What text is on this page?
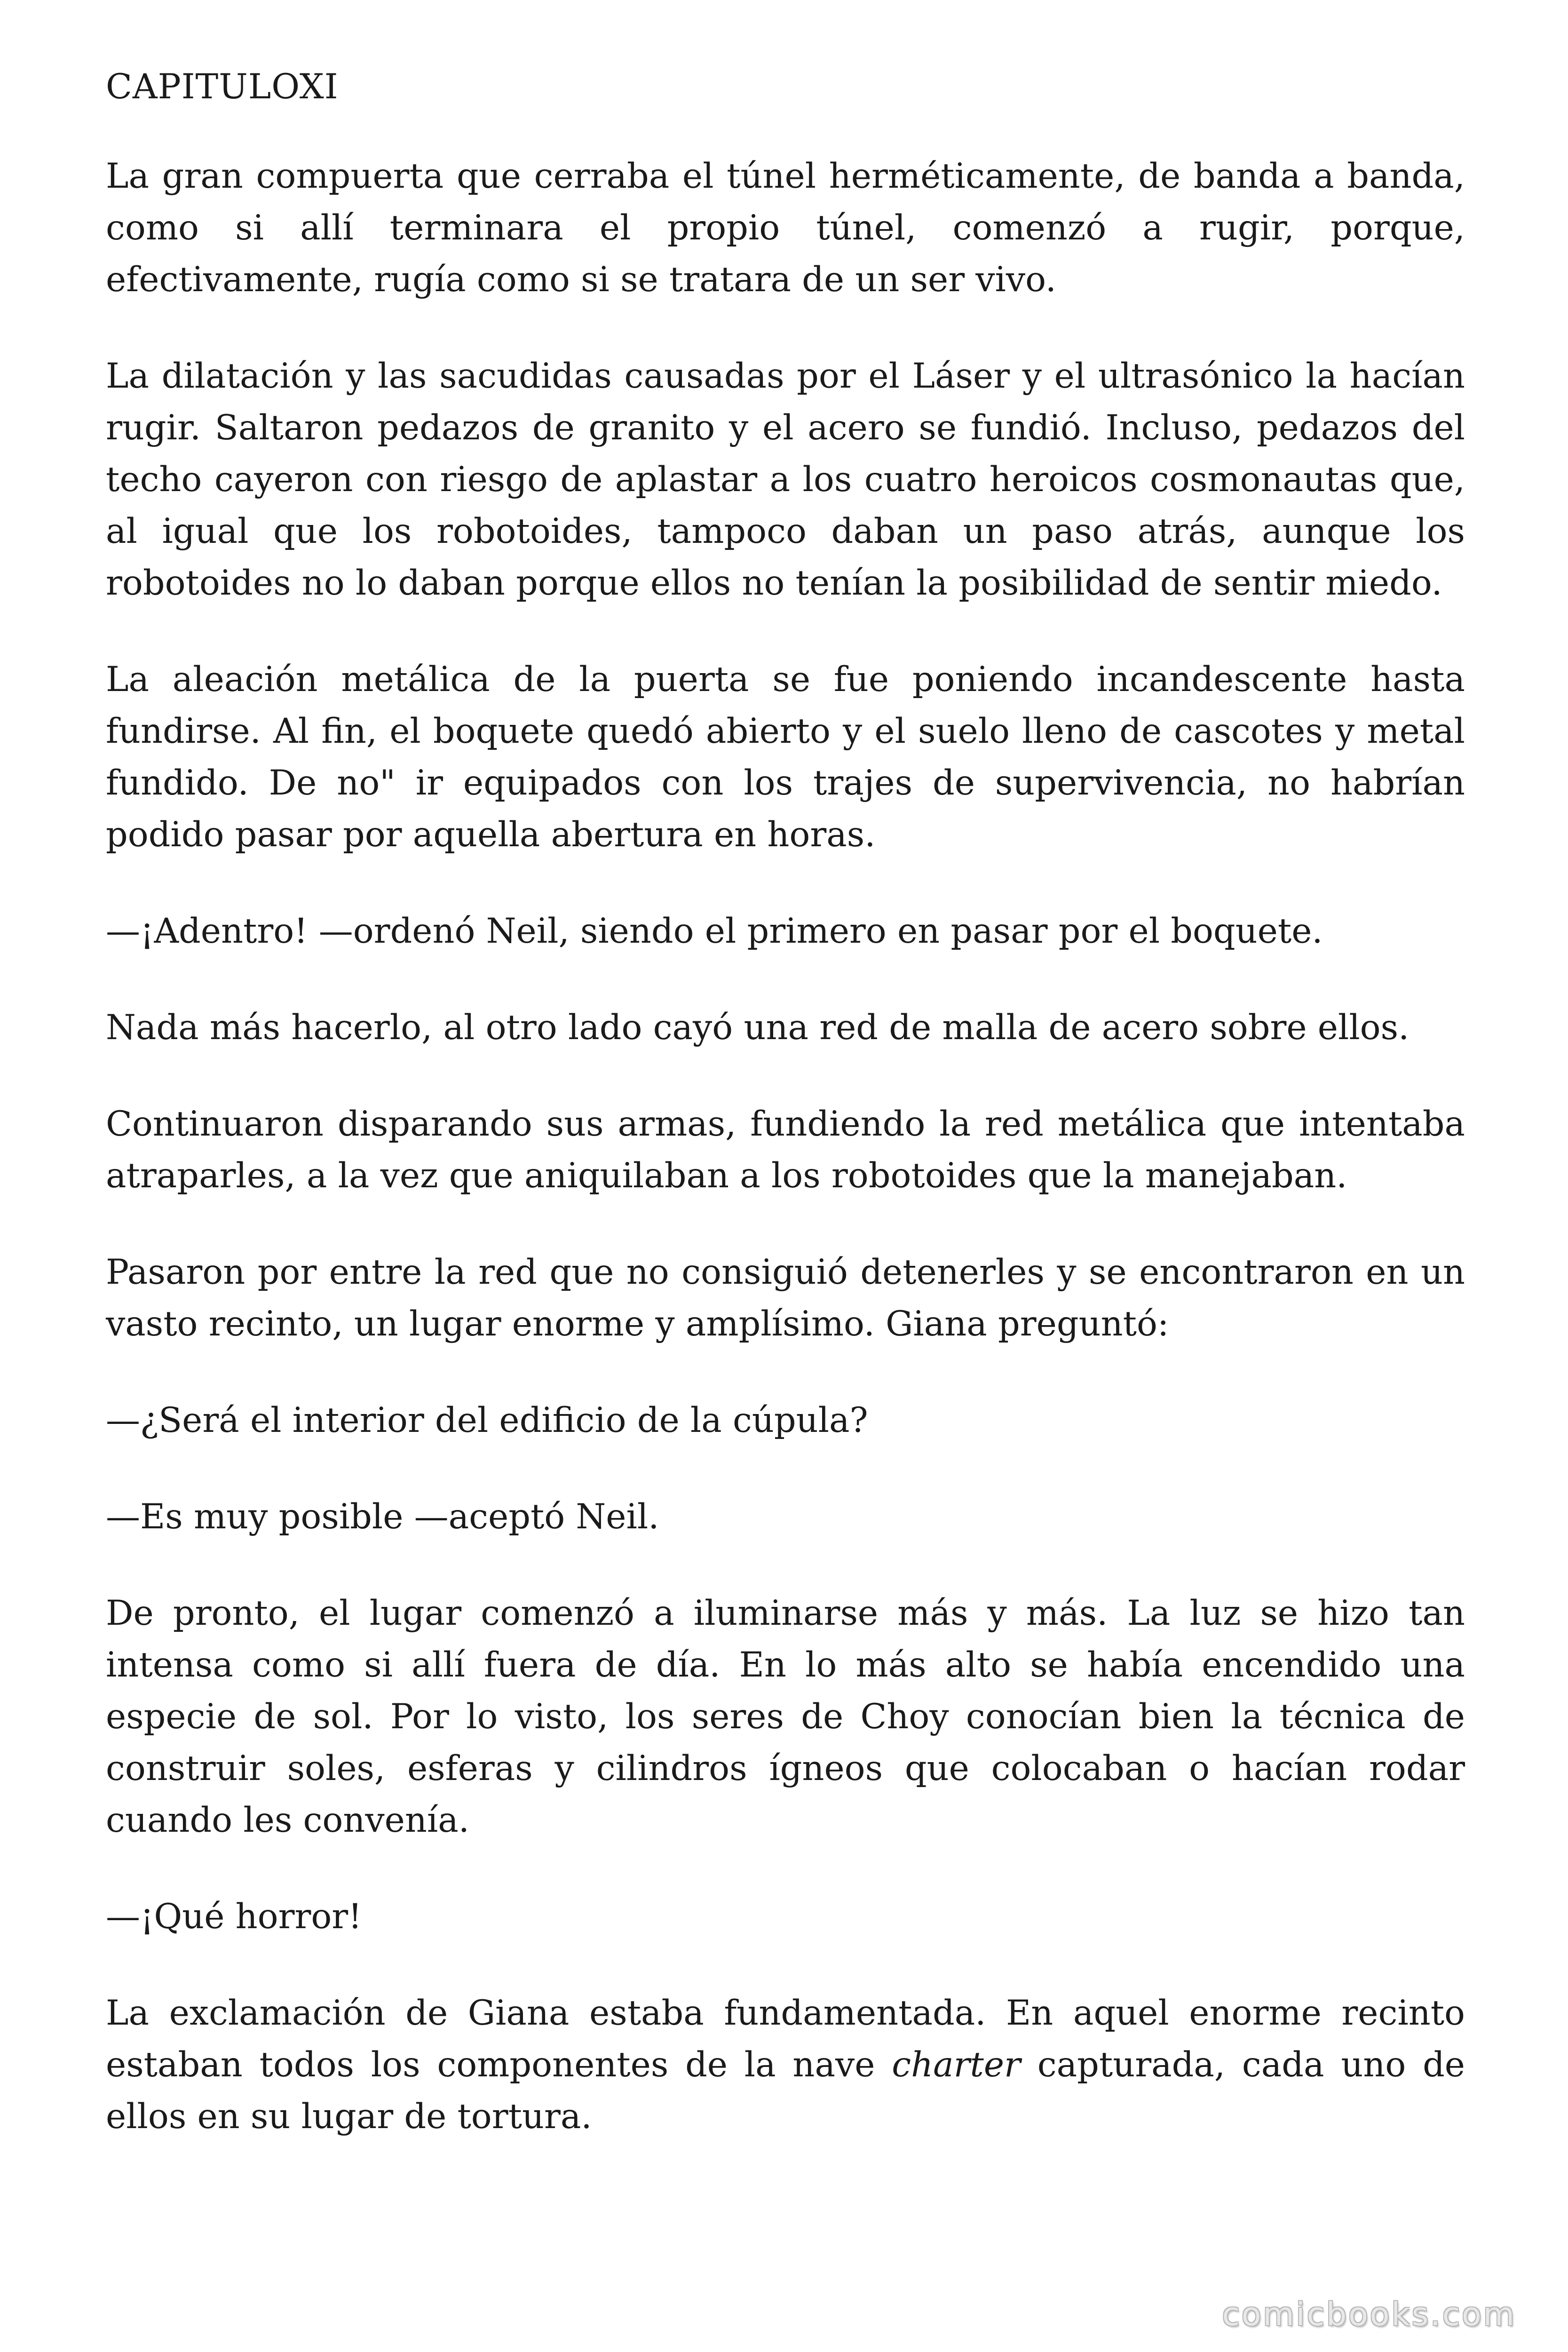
CAPITULOXI

La gran compuerta que cerraba el túnel herméticamente, de banda a banda, como si allí terminara el propio túnel, comenzó a rugir, porque, efectivamente, rugía como si se tratara de un ser vivo.

La dilatación y las sacudidas causadas por el Láser y el ultrasónico la hacían rugir. Saltaron pedazos de granito y el acero se fundió. Incluso, pedazos del techo cayeron con riesgo de aplastar a los cuatro heroicos cosmonautas que, al igual que los robotoides, tampoco daban un paso atrás, aunque los robotoides no lo daban porque ellos no tenían la posibilidad de sentir miedo.

La aleación metálica de la puerta se fue poniendo incandescente hasta fundirse. Al fin, el boquete quedó abierto y el suelo lleno de cascotes y metal fundido. De no" ir equipados con los trajes de supervivencia, no habrían podido pasar por aquella abertura en horas.

—¡Adentro! —ordenó Neil, siendo el primero en pasar por el boquete.

Nada más hacerlo, al otro lado cayó una red de malla de acero sobre ellos.

Continuaron disparando sus armas, fundiendo la red metálica que intentaba atraparles, a la vez que aniquilaban a los robotoides que la manejaban.

Pasaron por entre la red que no consiguió detenerles y se encontraron en un vasto recinto, un lugar enorme y amplísimo. Giana preguntó:

—¿Será el interior del edificio de la cúpula?

—Es muy posible —aceptó Neil.

De pronto, el lugar comenzó a iluminarse más y más. La luz se hizo tan intensa como si allí fuera de día. En lo más alto se había encendido una especie de sol. Por lo visto, los seres de Choy conocían bien la técnica de construir soles, esferas y cilindros ígneos que colocaban o hacían rodar cuando les convenía.

—¡Qué horror!

La exclamación de Giana estaba fundamentada. En aquel enorme recinto estaban todos los componentes de la nave charter capturada, cada uno de ellos en su lugar de tortura.

comicbooks.com
